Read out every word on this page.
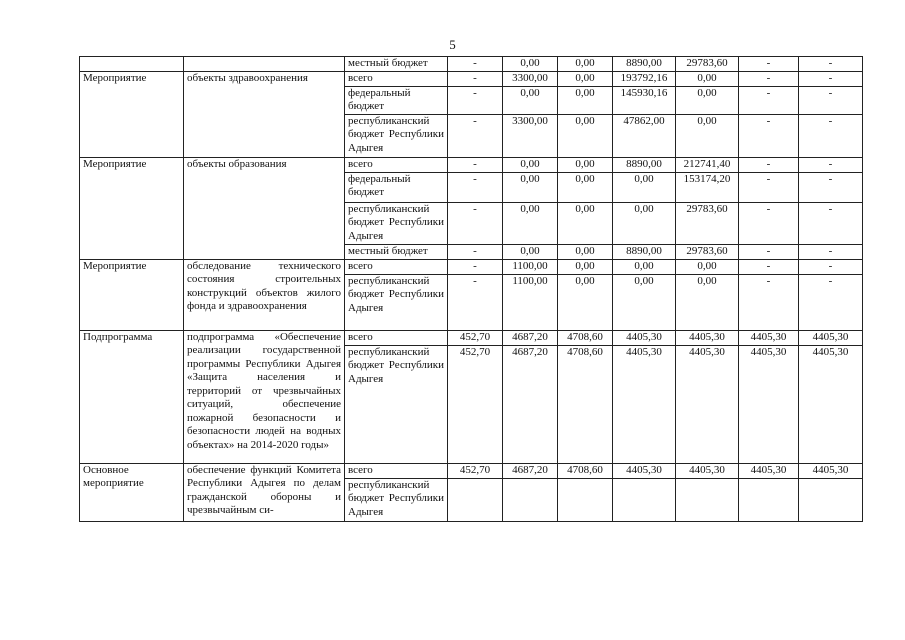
5
		местный бюджет	-	0,00	0,00	8890,00	29783,60	-	-
Мероприятие	объекты здравоохранения	всего	-	3300,00	0,00	193792,16	0,00	-	-
		федеральный бюджет	-	0,00	0,00	145930,16	0,00	-	-
		республиканский бюджет Республики Адыгея	-	3300,00	0,00	47862,00	0,00	-	-
Мероприятие	объекты образования	всего	-	0,00	0,00	8890,00	212741,40	-	-
		федеральный бюджет	-	0,00	0,00	0,00	153174,20	-	-
		республиканский бюджет Республики Адыгея	-	0,00	0,00	0,00	29783,60	-	-
		местный бюджет	-	0,00	0,00	8890,00	29783,60	-	-
Мероприятие	обследование технического состояния строительных конструкций объектов жилого фонда и здравоохранения	всего	-	1100,00	0,00	0,00	0,00	-	-
		республиканский бюджет Республики Адыгея	-	1100,00	0,00	0,00	0,00	-	-
Подпрограмма	подпрограмма «Обеспечение реализации государственной программы Республики Адыгея «Защита населения и территорий от чрезвычайных ситуаций, обеспечение пожарной безопасности и безопасности людей на водных объектах» на 2014-2020 годы»	всего	452,70	4687,20	4708,60	4405,30	4405,30	4405,30	4405,30
		республиканский бюджет Республики Адыгея	452,70	4687,20	4708,60	4405,30	4405,30	4405,30	4405,30
Основное мероприятие	обеспечение функций Комитета Республики Адыгея по делам гражданской обороны и чрезвычайным си-	всего	452,70	4687,20	4708,60	4405,30	4405,30	4405,30	4405,30
		республиканский бюджет Республики Адыгея							
